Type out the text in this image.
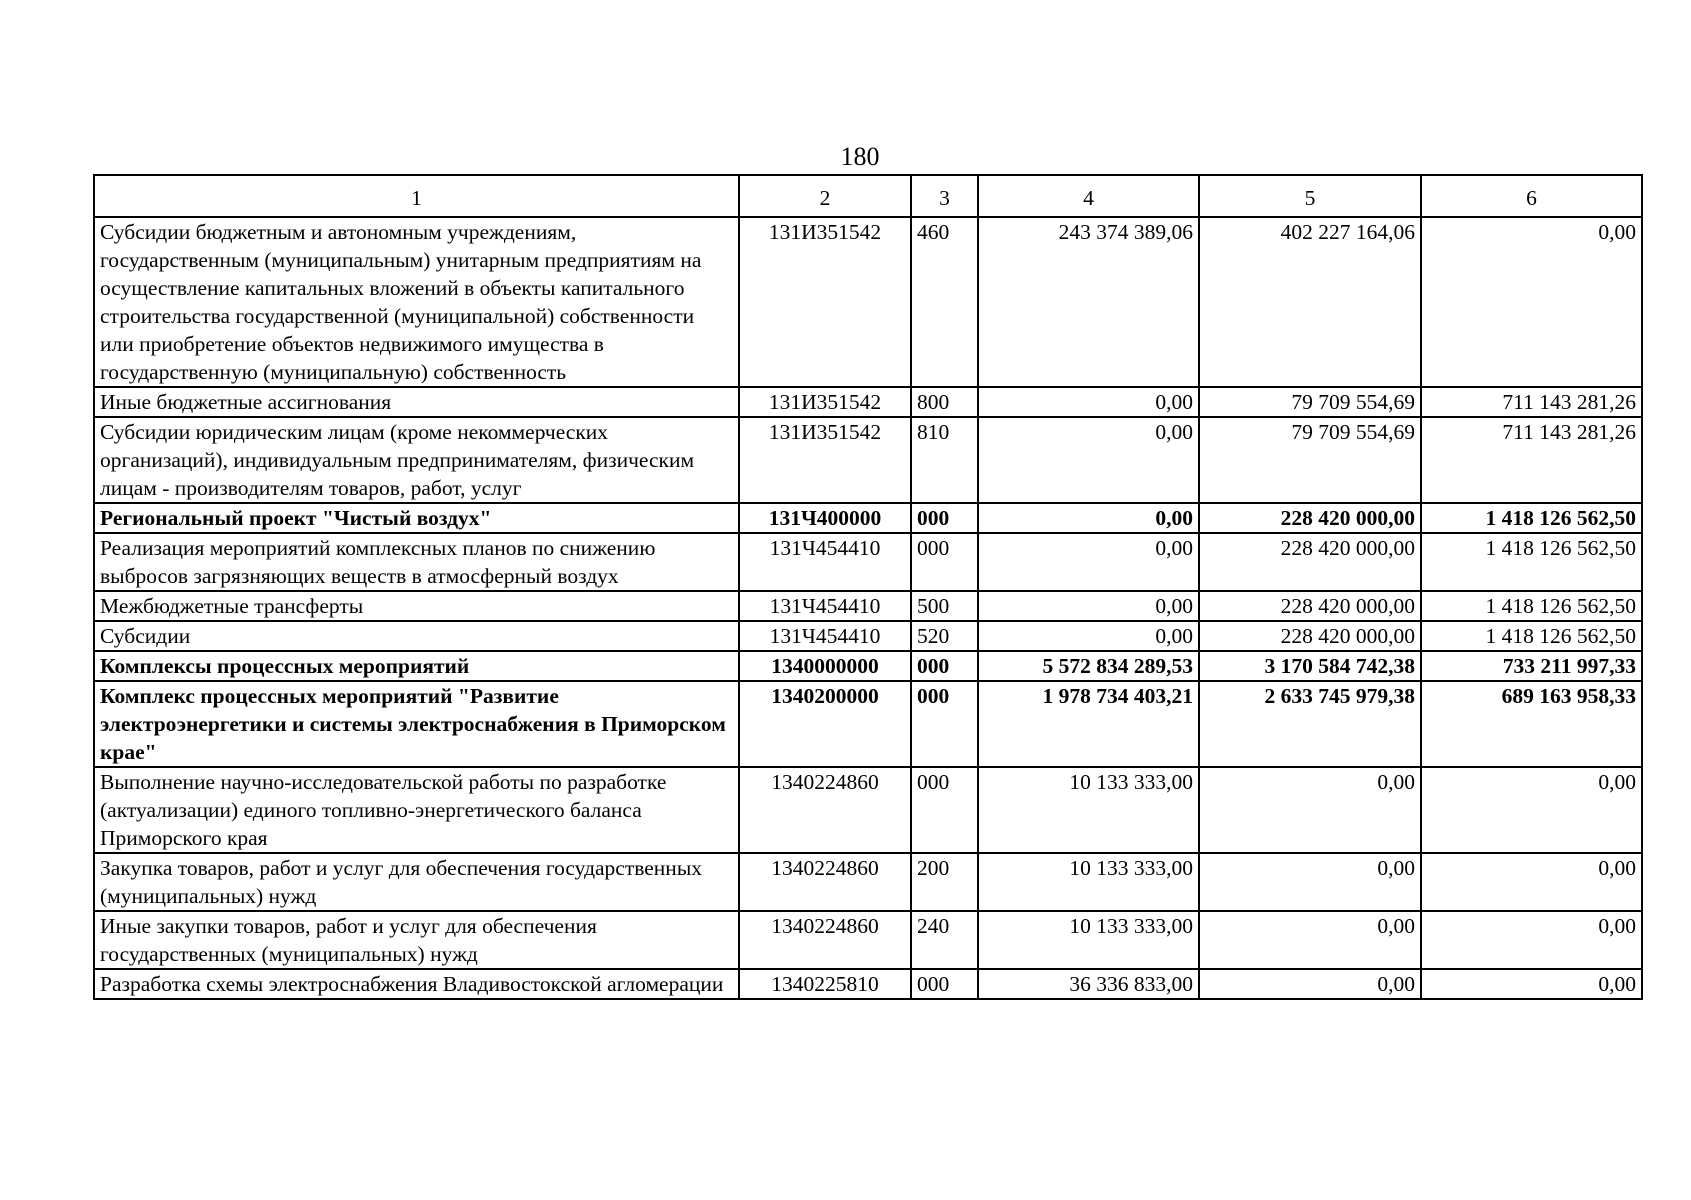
180
1	2	3	4	5	6
Субсидии бюджетным и автономным учреждениям, государственным (муниципальным) унитарным предприятиям на осуществление капитальных вложений в объекты капитального строительства государственной (муниципальной) собственности или приобретение объектов недвижимого имущества в государственную (муниципальную) собственность	131И351542	460	243 374 389,06	402 227 164,06	0,00
Иные бюджетные ассигнования	131И351542	800	0,00	79 709 554,69	711 143 281,26
Субсидии юридическим лицам (кроме некоммерческих организаций), индивидуальным предпринимателям, физическим лицам - производителям товаров, работ, услуг	131И351542	810	0,00	79 709 554,69	711 143 281,26
Региональный проект "Чистый воздух"	131Ч400000	000	0,00	228 420 000,00	1 418 126 562,50
Реализация мероприятий комплексных планов по снижению выбросов загрязняющих веществ в атмосферный воздух	131Ч454410	000	0,00	228 420 000,00	1 418 126 562,50
Межбюджетные трансферты	131Ч454410	500	0,00	228 420 000,00	1 418 126 562,50
Субсидии	131Ч454410	520	0,00	228 420 000,00	1 418 126 562,50
Комплексы процессных мероприятий	1340000000	000	5 572 834 289,53	3 170 584 742,38	733 211 997,33
Комплекс процессных мероприятий "Развитие электроэнергетики и системы электроснабжения в Приморском крае"	1340200000	000	1 978 734 403,21	2 633 745 979,38	689 163 958,33
Выполнение научно-исследовательской работы по разработке (актуализации) единого топливно-энергетического баланса Приморского края	1340224860	000	10 133 333,00	0,00	0,00
Закупка товаров, работ и услуг для обеспечения государственных (муниципальных) нужд	1340224860	200	10 133 333,00	0,00	0,00
Иные закупки товаров, работ и услуг для обеспечения государственных (муниципальных) нужд	1340224860	240	10 133 333,00	0,00	0,00
Разработка схемы электроснабжения Владивостокской агломерации	1340225810	000	36 336 833,00	0,00	0,00
